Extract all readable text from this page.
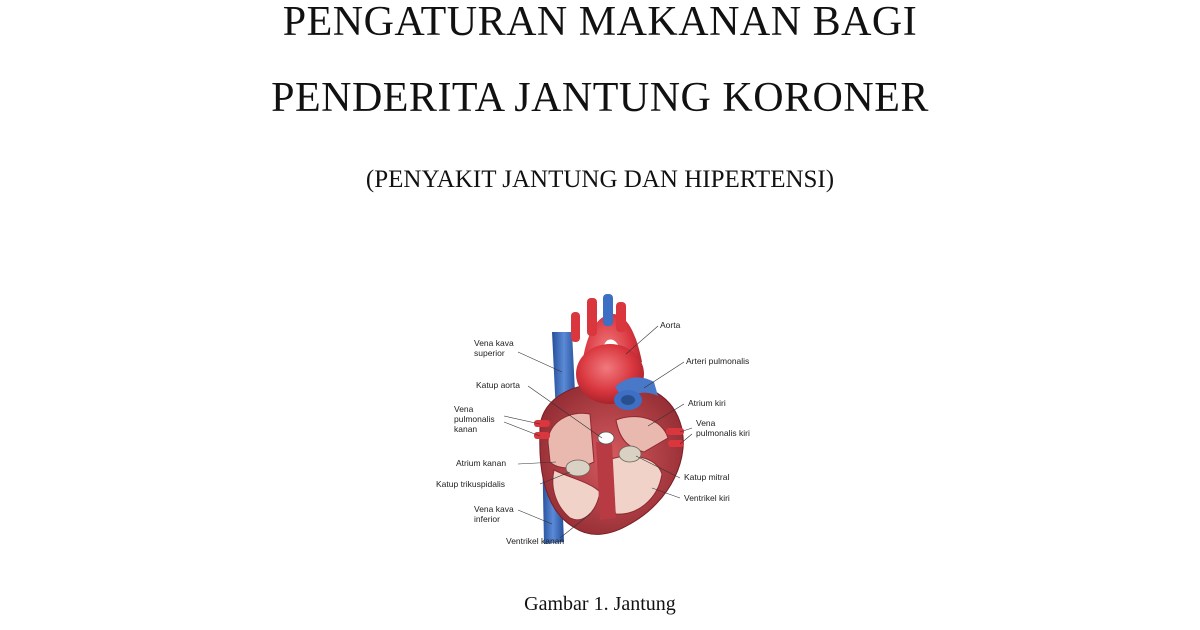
PENGATURAN MAKANAN BAGI
PENDERITA JANTUNG KORONER
(PENYAKIT JANTUNG DAN HIPERTENSI)
Aorta
Vena kava
superior
Arteri pulmonalis
Katup aorta
Atrium kiri
Vena
pulmonalis
kanan
Vena
pulmonalis kiri
Atrium kanan
Katup mitral
Katup trikuspidalis
Ventrikel kiri
Vena kava
inferior
Ventrikel kanan
Gambar 1. Jantung
